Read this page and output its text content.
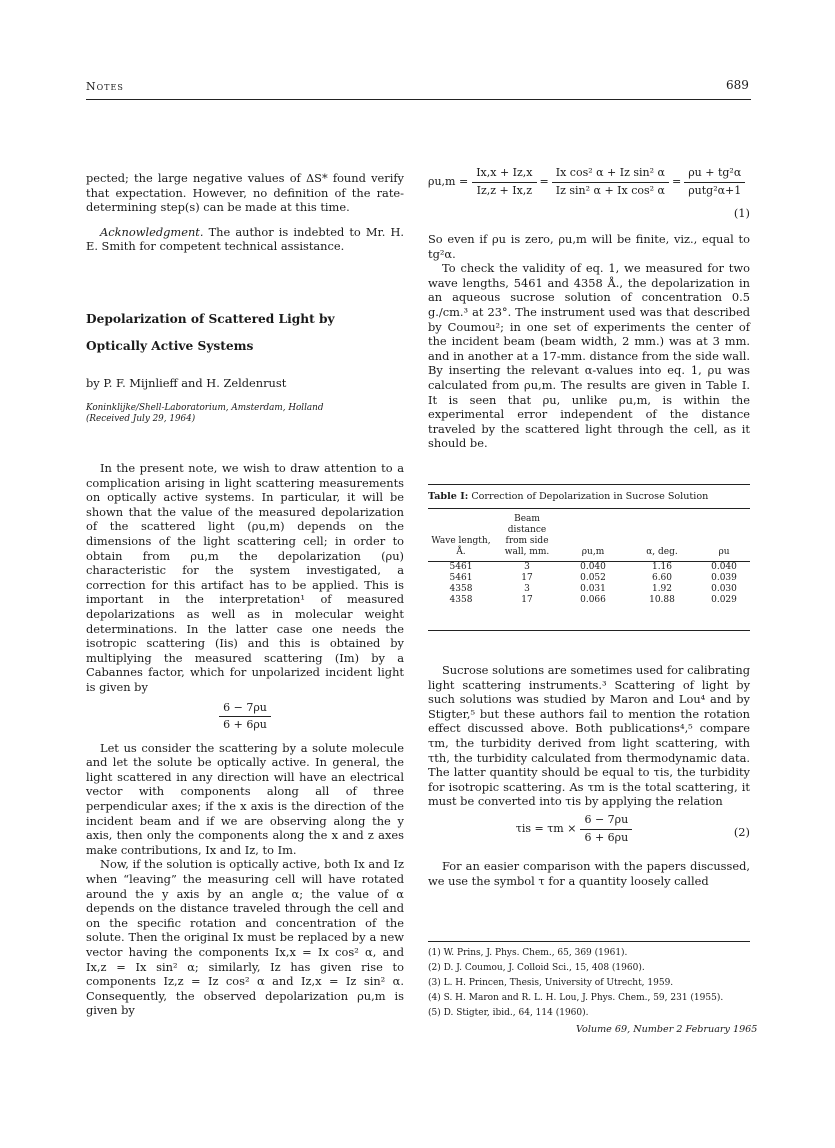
Notes	689

pected; the large negative values of ΔS* found verify that expectation. However, no definition of the rate-determining step(s) can be made at this time.

Acknowledgment. The author is indebted to Mr. H. E. Smith for competent technical assistance.

Depolarization of Scattered Light by
Optically Active Systems
by P. F. Mijnlieff and H. Zeldenrust
Koninklijke/Shell-Laboratorium, Amsterdam, Holland
(Received July 29, 1964)

In the present note, we wish to draw attention to a complication arising in light scattering measurements on optically active systems. In particular, it will be shown that the value of the measured depolarization of the scattered light (ρu,m) depends on the dimensions of the light scattering cell; in order to obtain from ρu,m the depolarization (ρu) characteristic for the system investigated, a correction for this artifact has to be applied. This is important in the interpretation¹ of measured depolarizations as well as in molecular weight determinations. In the latter case one needs the isotropic scattering (Iis) and this is obtained by multiplying the measured scattering (Im) by a Cabannes factor, which for unpolarized incident light is given by

$\frac{6 - 7\rho u}{6 + 6\rho u}$

Let us consider the scattering by a solute molecule and let the solute be optically active. In general, the light scattered in any direction will have an electrical vector with components along all of three perpendicular axes; if the x axis is the direction of the incident beam and if we are observing along the y axis, then only the components along the x and z axes make contributions, Ix and Iz, to Im.

Now, if the solution is optically active, both Ix and Iz when “leaving” the measuring cell will have rotated around the y axis by an angle α; the value of α depends on the distance traveled through the cell and on the specific rotation and concentration of the solute. Then the original Ix must be replaced by a new vector having the components Ix,x = Ix cos² α, and Ix,z = Ix sin² α; similarly, Iz has given rise to components Iz,z = Iz cos² α and Iz,x = Iz sin² α. Consequently, the observed depolarization ρu,m is given by

$\rho u,m = \frac{Ix,x + Iz,x}{Iz,z + Ix,z} = \frac{\text{Ix cos² α + Iz sin² α}}{\text{Iz sin² α + Ix cos² α}} = \frac{\text{ρu + tg²α}}{\text{ρutg²α+1}}$
(1)

So even if ρu is zero, ρu,m will be finite, viz., equal to tg²α.

To check the validity of eq. 1, we measured for two wave lengths, 5461 and 4358 Å., the depolarization in an aqueous sucrose solution of concentration 0.5 g./cm.³ at 23°. The instrument used was that described by Coumou²; in one set of experiments the center of the incident beam (beam width, 2 mm.) was at 3 mm. and in another at a 17-mm. distance from the side wall. By inserting the relevant α-values into eq. 1, ρu was calculated from ρu,m. The results are given in Table I. It is seen that ρu, unlike ρu,m, is within the experimental error independent of the distance traveled by the scattered light through the cell, as it should be.

Table I: Correction of Depolarization in Sucrose Solution
Wave length, Å.	Beam distance from side wall, mm.	ρu,m	α, deg.	ρu

5461	3	0.040	1.16	0.040
5461	17	0.052	6.60	0.039
4358	3	0.031	1.92	0.030
4358	17	0.066	10.88	0.029

Sucrose solutions are sometimes used for calibrating light scattering instruments.³ Scattering of light by such solutions was studied by Maron and Lou⁴ and by Stigter,⁵ but these authors fail to mention the rotation effect discussed above. Both publications⁴,⁵ compare τm, the turbidity derived from light scattering, with τth, the turbidity calculated from thermodynamic data. The latter quantity should be equal to τis, the turbidity for isotropic scattering. As τm is the total scattering, it must be converted into τis by applying the relation

$\tau is = \tau m \times \frac{6 - 7\rho u}{6 + 6\rho u}$	(2)

For an easier comparison with the papers discussed, we use the symbol τ for a quantity loosely called

(1) W. Prins, J. Phys. Chem., 65, 369 (1961).
(2) D. J. Coumou, J. Colloid Sci., 15, 408 (1960).
(3) L. H. Princen, Thesis, University of Utrecht, 1959.
(4) S. H. Maron and R. L. H. Lou, J. Phys. Chem., 59, 231 (1955).
(5) D. Stigter, ibid., 64, 114 (1960).
Volume 69, Number 2 February 1965
